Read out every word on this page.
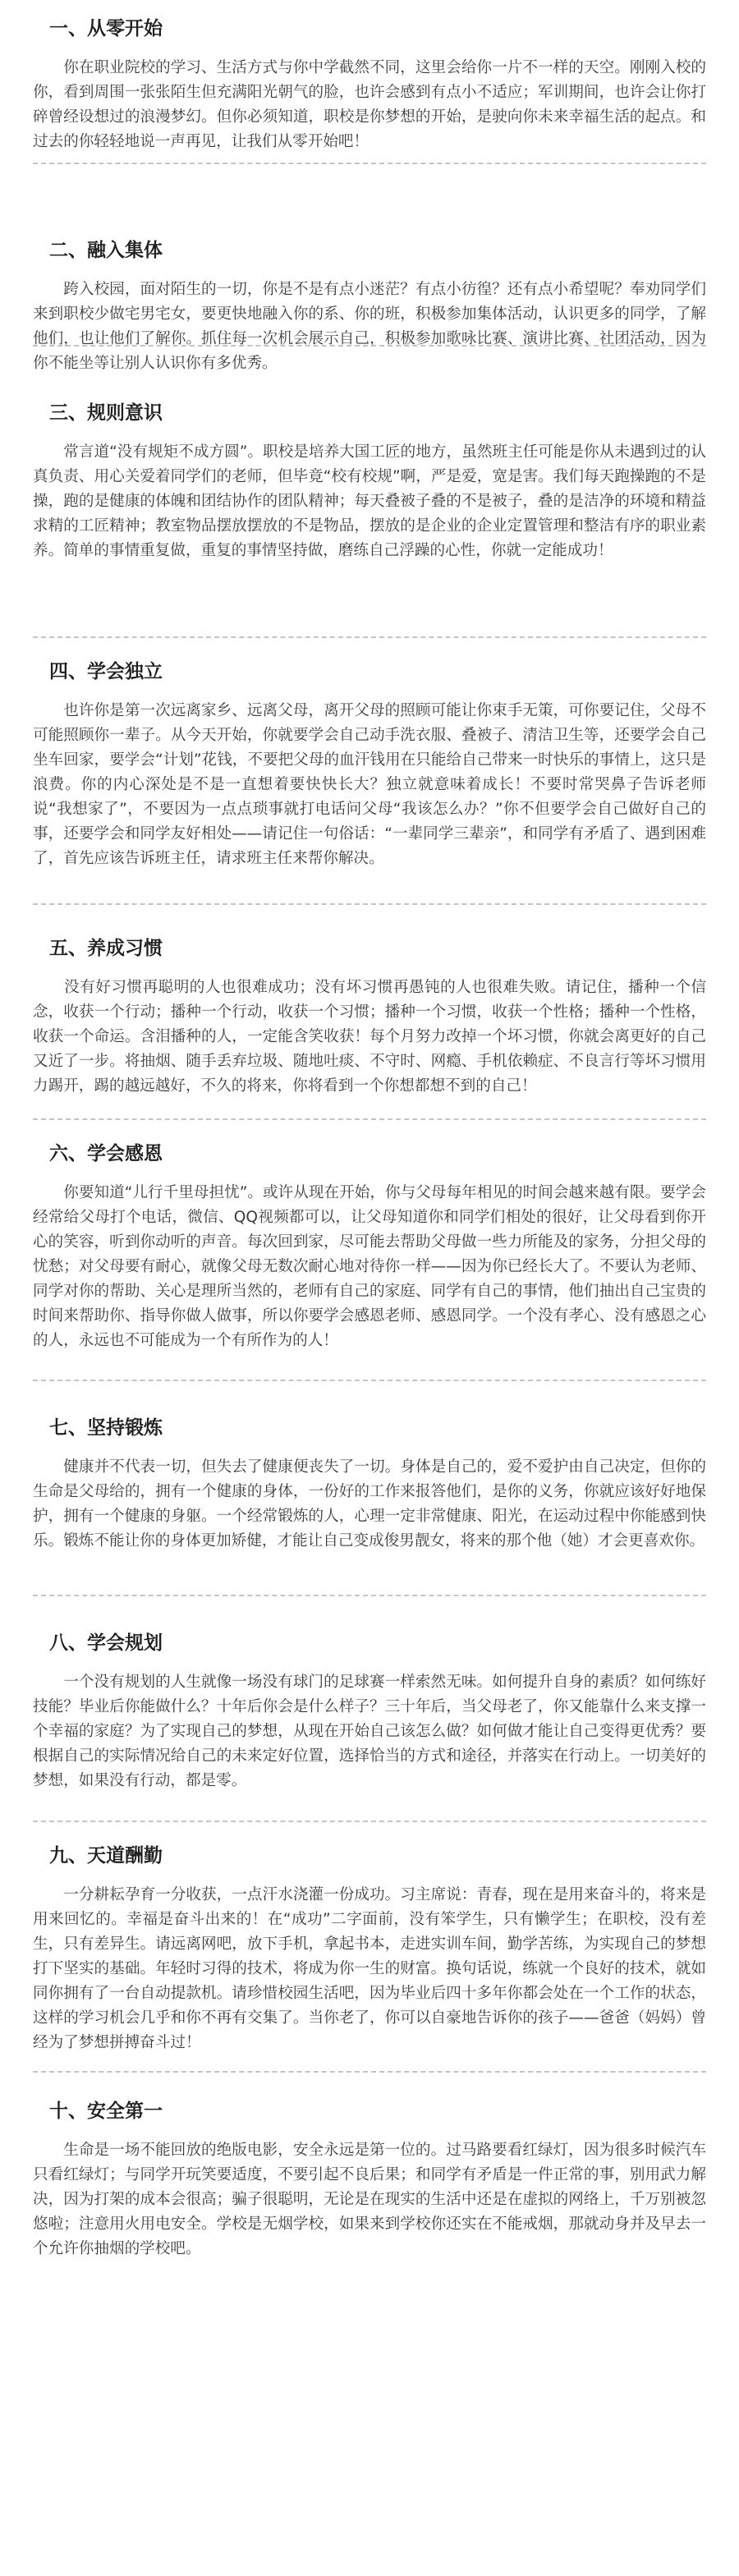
一、从零开始

　　你在职业院校的学习、生活方式与你中学截然不同，这里会给你一片不一样的天空。刚刚入校的你，看到周围一张张陌生但充满阳光朝气的脸，也许会感到有点小不适应；军训期间，也许会让你打碎曾经设想过的浪漫梦幻。但你必须知道，职校是你梦想的开始，是驶向你未来幸福生活的起点。和过去的你轻轻地说一声再见，让我们从零开始吧！

二、融入集体

　　跨入校园，面对陌生的一切，你是不是有点小迷茫？有点小彷徨？还有点小希望呢？奉劝同学们来到职校少做宅男宅女，要更快地融入你的系、你的班，积极参加集体活动，认识更多的同学，了解他们，也让他们了解你。抓住每一次机会展示自己，积极参加歌咏比赛、演讲比赛、社团活动，因为你不能坐等让别人认识你有多优秀。

三、规则意识

　　常言道“没有规矩不成方圆”。职校是培养大国工匠的地方，虽然班主任可能是你从未遇到过的认真负责、用心关爱着同学们的老师，但毕竟“校有校规”啊，严是爱，宽是害。我们每天跑操跑的不是操，跑的是健康的体魄和团结协作的团队精神；每天叠被子叠的不是被子，叠的是洁净的环境和精益求精的工匠精神；教室物品摆放摆放的不是物品，摆放的是企业的企业定置管理和整洁有序的职业素养。简单的事情重复做，重复的事情坚持做，磨练自己浮躁的心性，你就一定能成功！

四、学会独立

　　也许你是第一次远离家乡、远离父母，离开父母的照顾可能让你束手无策，可你要记住，父母不可能照顾你一辈子。从今天开始，你就要学会自己动手洗衣服、叠被子、清洁卫生等，还要学会自己坐车回家，要学会“计划”花钱，不要把父母的血汗钱用在只能给自己带来一时快乐的事情上，这只是浪费。你的内心深处是不是一直想着要快快长大？独立就意味着成长！不要时常哭鼻子告诉老师说“我想家了”，不要因为一点点琐事就打电话问父母“我该怎么办？”你不但要学会自己做好自己的事，还要学会和同学友好相处——请记住一句俗话：“一辈同学三辈亲”，和同学有矛盾了、遇到困难了，首先应该告诉班主任，请求班主任来帮你解决。

五、养成习惯

　　没有好习惯再聪明的人也很难成功；没有坏习惯再愚钝的人也很难失败。请记住，播种一个信念，收获一个行动；播种一个行动，收获一个习惯；播种一个习惯，收获一个性格；播种一个性格，收获一个命运。含泪播种的人，一定能含笑收获！每个月努力改掉一个坏习惯，你就会离更好的自己又近了一步。将抽烟、随手丢弃垃圾、随地吐痰、不守时、网瘾、手机依赖症、不良言行等坏习惯用力踢开，踢的越远越好，不久的将来，你将看到一个你想都想不到的自己！

六、学会感恩

　　你要知道“儿行千里母担忧”。或许从现在开始，你与父母每年相见的时间会越来越有限。要学会经常给父母打个电话，微信、QQ视频都可以，让父母知道你和同学们相处的很好，让父母看到你开心的笑容，听到你动听的声音。每次回到家，尽可能去帮助父母做一些力所能及的家务，分担父母的忧愁；对父母要有耐心，就像父母无数次耐心地对待你一样——因为你已经长大了。不要认为老师、同学对你的帮助、关心是理所当然的，老师有自己的家庭、同学有自己的事情，他们抽出自己宝贵的时间来帮助你、指导你做人做事，所以你要学会感恩老师、感恩同学。一个没有孝心、没有感恩之心的人，永远也不可能成为一个有所作为的人！

七、坚持锻炼

　　健康并不代表一切，但失去了健康便丧失了一切。身体是自己的，爱不爱护由自己决定，但你的生命是父母给的，拥有一个健康的身体，一份好的工作来报答他们，是你的义务，你就应该好好地保护，拥有一个健康的身躯。一个经常锻炼的人，心理一定非常健康、阳光，在运动过程中你能感到快乐。锻炼不能让你的身体更加矫健，才能让自己变成俊男靓女，将来的那个他（她）才会更喜欢你。

八、学会规划

　　一个没有规划的人生就像一场没有球门的足球赛一样索然无味。如何提升自身的素质？如何练好技能？毕业后你能做什么？十年后你会是什么样子？三十年后，当父母老了，你又能靠什么来支撑一个幸福的家庭？为了实现自己的梦想，从现在开始自己该怎么做？如何做才能让自己变得更优秀？要根据自己的实际情况给自己的未来定好位置，选择恰当的方式和途径，并落实在行动上。一切美好的梦想，如果没有行动，都是零。

九、天道酬勤

　　一分耕耘孕育一分收获，一点汗水浇灌一份成功。习主席说：青春，现在是用来奋斗的，将来是用来回忆的。幸福是奋斗出来的！在“成功”二字面前，没有笨学生，只有懒学生；在职校，没有差生，只有差异生。请远离网吧，放下手机，拿起书本，走进实训车间，勤学苦练，为实现自己的梦想打下坚实的基础。年轻时习得的技术，将成为你一生的财富。换句话说，练就一个良好的技术，就如同你拥有了一台自动提款机。请珍惜校园生活吧，因为毕业后四十多年你都会处在一个工作的状态，这样的学习机会几乎和你不再有交集了。当你老了，你可以自豪地告诉你的孩子——爸爸（妈妈）曾经为了梦想拼搏奋斗过！

十、安全第一

　　生命是一场不能回放的绝版电影，安全永远是第一位的。过马路要看红绿灯，因为很多时候汽车只看红绿灯；与同学开玩笑要适度，不要引起不良后果；和同学有矛盾是一件正常的事，别用武力解决，因为打架的成本会很高；骗子很聪明，无论是在现实的生活中还是在虚拟的网络上，千万别被忽悠啦；注意用火用电安全。学校是无烟学校，如果来到学校你还实在不能戒烟，那就动身并及早去一个允许你抽烟的学校吧。
